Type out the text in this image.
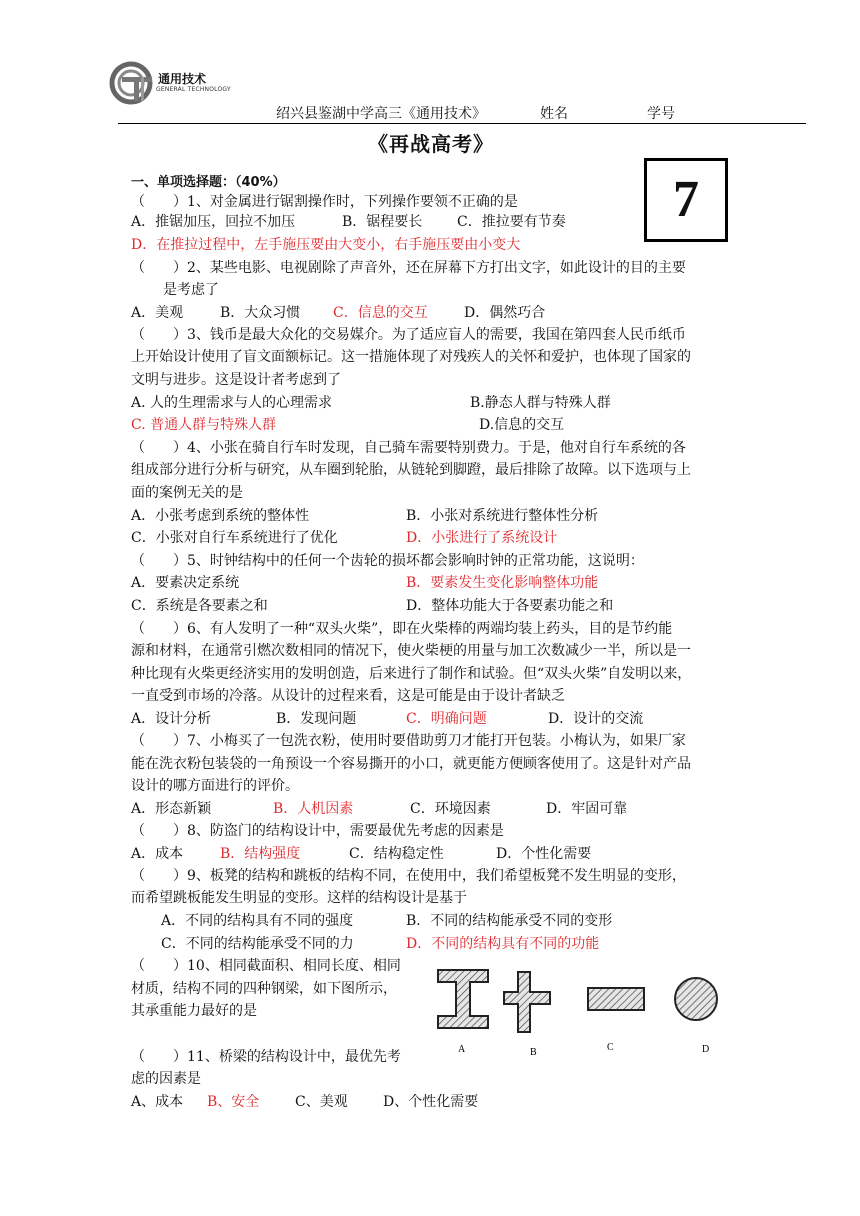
通用技术
GENERAL TECHNOLOGY
绍兴县鉴湖中学高三《通用技术》	姓名	学号
《再战高考》
7
一、单项选择题：（40%）
（　　）1、对金属进行锯割操作时，下列操作要领不正确的是
A．推锯加压，回拉不加压	B．锯程要长 C．推拉要有节奏
D．在推拉过程中，左手施压要由大变小，右手施压要由小变大
（　　）2、某些电影、电视剧除了声音外，还在屏幕下方打出文字，如此设计的目的主要
是考虑了
A．美观	B．大众习惯 C．信息的交互	D．偶然巧合
（　　）3、钱币是最大众化的交易媒介。为了适应盲人的需要，我国在第四套人民币纸币
上开始设计使用了盲文面额标记。这一措施体现了对残疾人的关怀和爱护，也体现了国家的
文明与进步。这是设计者考虑到了
A. 人的生理需求与人的心理需求	B.静态人群与特殊人群
C. 普通人群与特殊人群	D.信息的交互
（　　）4、小张在骑自行车时发现，自己骑车需要特别费力。于是，他对自行车系统的各
组成部分进行分析与研究，从车圈到轮胎，从链轮到脚蹬，最后排除了故障。以下选项与上
面的案例无关的是
A．小张考虑到系统的整体性	B．小张对系统进行整体性分析
C．小张对自行车系统进行了优化	D．小张进行了系统设计
（　　）5、时钟结构中的任何一个齿轮的损坏都会影响时钟的正常功能，这说明：
A．要素决定系统	B．要素发生变化影响整体功能
C．系统是各要素之和	D．整体功能大于各要素功能之和
（　　）6、有人发明了一种“双头火柴”，即在火柴棒的两端均装上药头，目的是节约能
源和材料，在通常引燃次数相同的情况下，使火柴梗的用量与加工次数减少一半，所以是一
种比现有火柴更经济实用的发明创造，后来进行了制作和试验。但“双头火柴”自发明以来，
一直受到市场的冷落。从设计的过程来看，这是可能是由于设计者缺乏
A．设计分析	B．发现问题	C．明确问题	D．设计的交流
（　　）7、小梅买了一包洗衣粉，使用时要借助剪刀才能打开包装。小梅认为，如果厂家
能在洗衣粉包装袋的一角预设一个容易撕开的小口，就更能方便顾客使用了。这是针对产品
设计的哪方面进行的评价。
A．形态新颖	B．人机因素	C．环境因素	D．牢固可靠
（　　）8、防盗门的结构设计中，需要最优先考虑的因素是
A．成本	B．结构强度	C．结构稳定性	D．个性化需要
（　　）9、板凳的结构和跳板的结构不同，在使用中，我们希望板凳不发生明显的变形，
而希望跳板能发生明显的变形。这样的结构设计是基于
A．不同的结构具有不同的强度	B．不同的结构能承受不同的变形
C．不同的结构能承受不同的力	D．不同的结构具有不同的功能
（　　）10、相同截面积、相同长度、相同
材质，结构不同的四种钢梁，如下图所示，
其承重能力最好的是
A	B	C	D
（　　）11、桥梁的结构设计中，最优先考
虑的因素是
A、成本 B、安全	C、美观	D、个性化需要
